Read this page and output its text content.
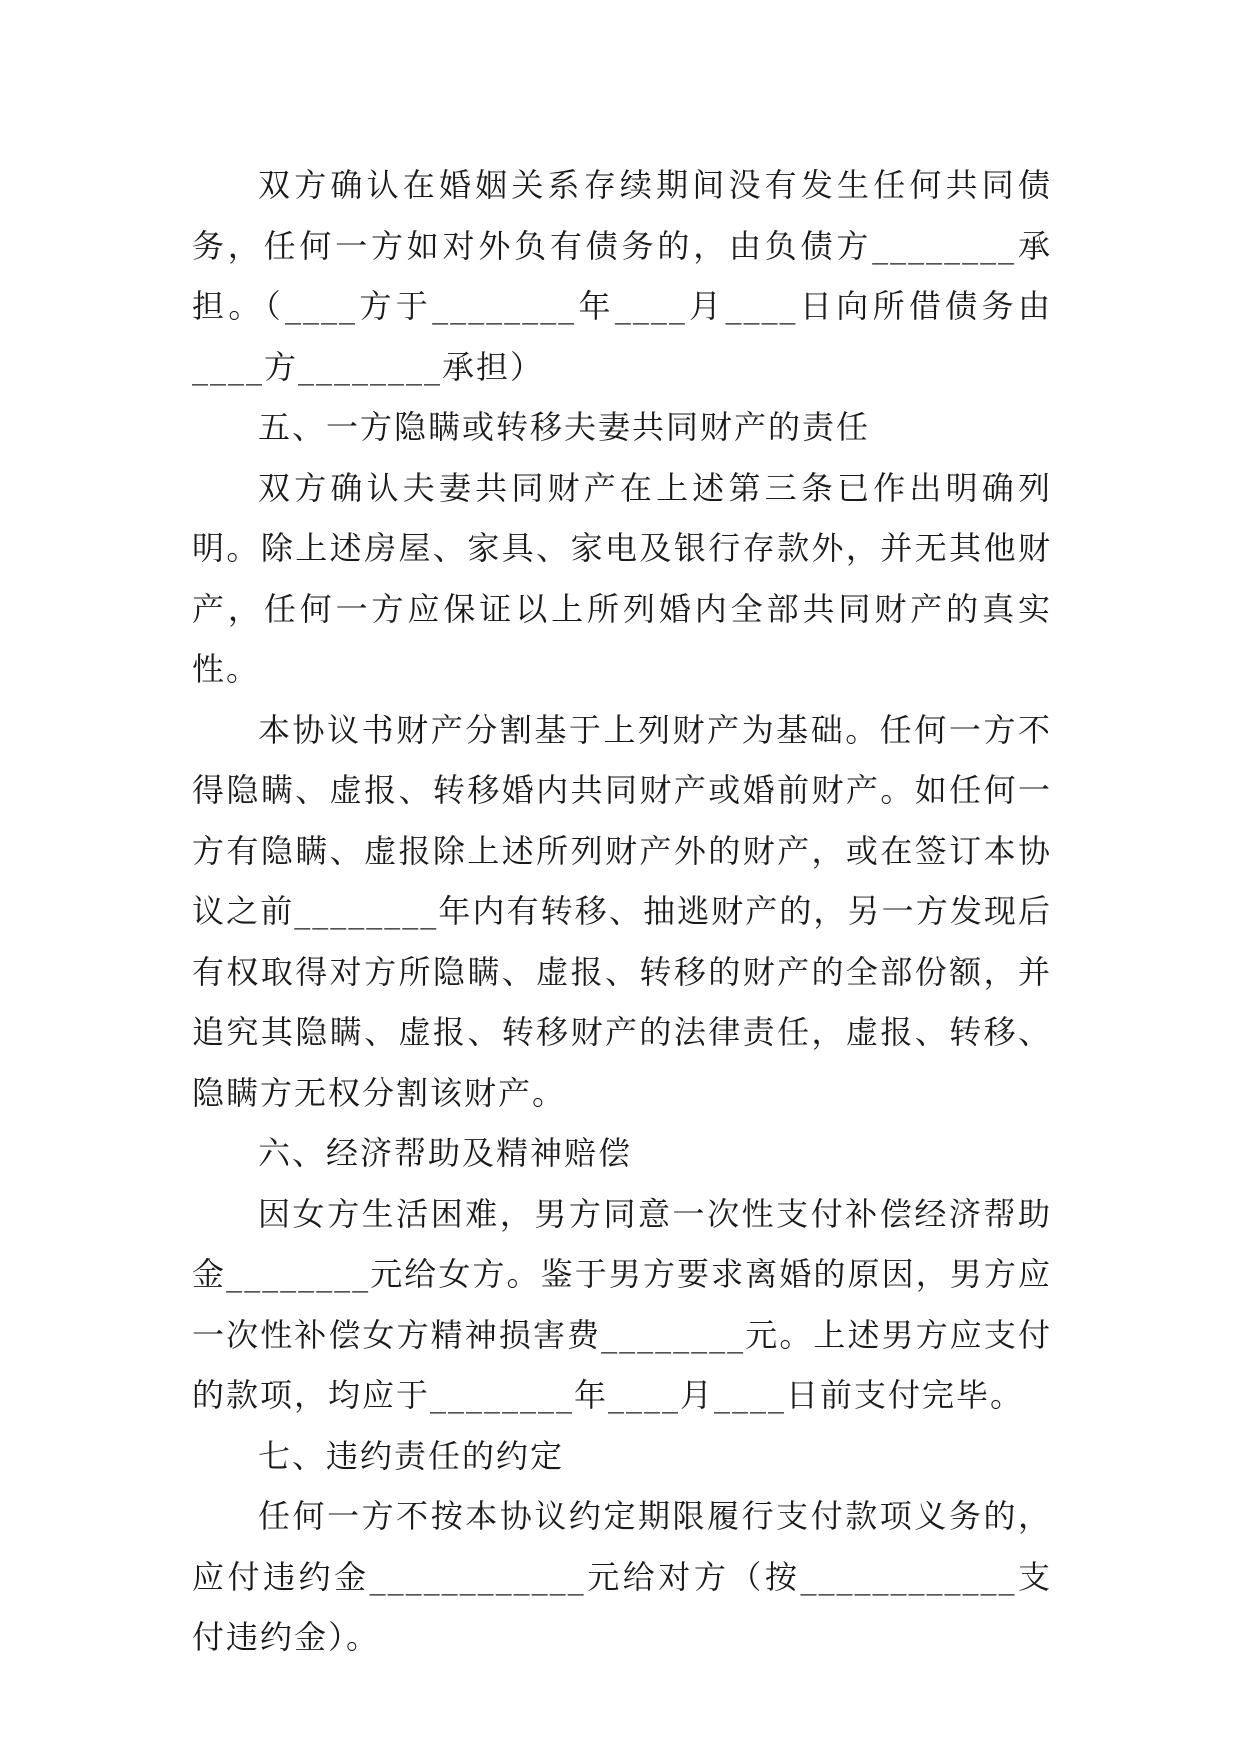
双方确认在婚姻关系存续期间没有发生任何共同债务，任何一方如对外负有债务的，由负债方________承担。（____方于________年____月____日向所借债务由____方________承担）

五、一方隐瞒或转移夫妻共同财产的责任

双方确认夫妻共同财产在上述第三条已作出明确列明。除上述房屋、家具、家电及银行存款外，并无其他财产，任何一方应保证以上所列婚内全部共同财产的真实性。

本协议书财产分割基于上列财产为基础。任何一方不得隐瞒、虚报、转移婚内共同财产或婚前财产。如任何一方有隐瞒、虚报除上述所列财产外的财产，或在签订本协议之前________年内有转移、抽逃财产的，另一方发现后有权取得对方所隐瞒、虚报、转移的财产的全部份额，并追究其隐瞒、虚报、转移财产的法律责任，虚报、转移、隐瞒方无权分割该财产。

六、经济帮助及精神赔偿

因女方生活困难，男方同意一次性支付补偿经济帮助金________元给女方。鉴于男方要求离婚的原因，男方应一次性补偿女方精神损害费________元。上述男方应支付的款项，均应于________年____月____日前支付完毕。

七、违约责任的约定

任何一方不按本协议约定期限履行支付款项义务的，应付违约金____________元给对方（按____________支付违约金）。
